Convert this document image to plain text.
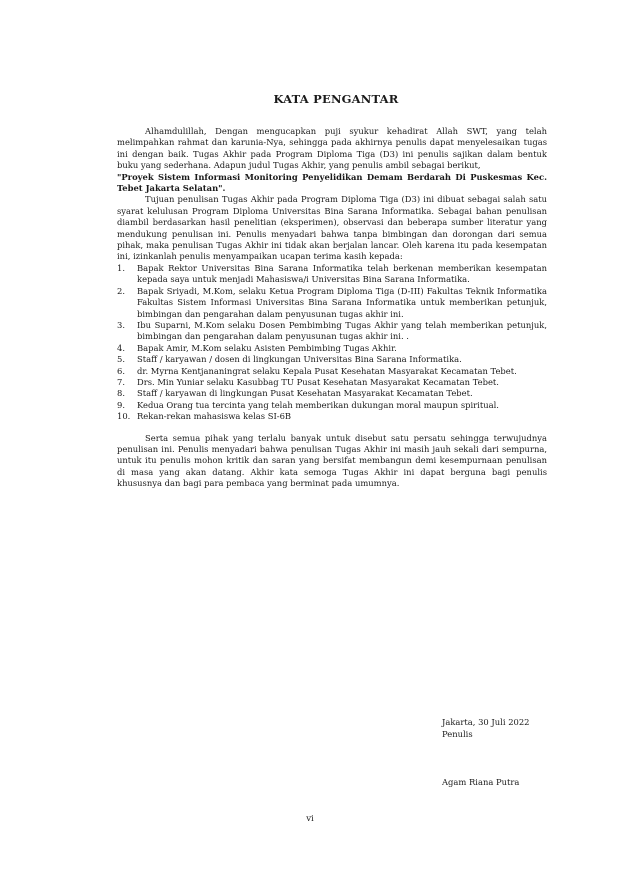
KATA PENGANTAR

Alhamdulillah, Dengan mengucapkan puji syukur kehadirat Allah SWT, yang telah melimpahkan rahmat dan karunia-Nya, sehingga pada akhirnya penulis dapat menyelesaikan tugas ini dengan baik. Tugas Akhir pada Program Diploma Tiga (D3) ini penulis sajikan dalam bentuk buku yang sederhana. Adapun judul Tugas Akhir, yang penulis ambil sebagai berikut,

"Proyek Sistem Informasi Monitoring Penyelidikan Demam Berdarah Di Puskesmas Kec. Tebet Jakarta Selatan".

Tujuan penulisan Tugas Akhir pada Program Diploma Tiga (D3) ini dibuat sebagai salah satu syarat kelulusan Program Diploma Universitas Bina Sarana Informatika. Sebagai bahan penulisan diambil berdasarkan hasil penelitian (eksperimen), observasi dan beberapa sumber literatur yang mendukung penulisan ini. Penulis menyadari bahwa tanpa bimbingan dan dorongan dari semua pihak, maka penulisan Tugas Akhir ini tidak akan berjalan lancar. Oleh karena itu pada kesempatan ini, izinkanlah penulis menyampaikan ucapan terima kasih kepada:

1. Bapak Rektor Universitas Bina Sarana Informatika telah berkenan memberikan kesempatan kepada saya untuk menjadi Mahasiswa/i Universitas Bina Sarana Informatika.
2. Bapak Sriyadi, M.Kom, selaku Ketua Program Diploma Tiga (D-III) Fakultas Teknik Informatika Fakultas Sistem Informasi Universitas Bina Sarana Informatika untuk memberikan petunjuk, bimbingan dan pengarahan dalam penyusunan tugas akhir ini.
3. Ibu Suparni, M.Kom selaku Dosen Pembimbing Tugas Akhir yang telah memberikan petunjuk, bimbingan dan pengarahan dalam penyusunan tugas akhir ini. .
4. Bapak Amir, M.Kom selaku Asisten Pembimbing Tugas Akhir.
5. Staff / karyawan / dosen di lingkungan Universitas Bina Sarana Informatika.
6. dr. Myrna Kentjananingrat selaku Kepala Pusat Kesehatan Masyarakat Kecamatan Tebet.
7. Drs. Min Yuniar selaku Kasubbag TU Pusat Kesehatan Masyarakat Kecamatan Tebet.
8. Staff / karyawan di lingkungan Pusat Kesehatan Masyarakat Kecamatan Tebet.
9. Kedua Orang tua tercinta yang telah memberikan dukungan moral maupun spiritual.
10. Rekan-rekan mahasiswa kelas SI-6B

Serta semua pihak yang terlalu banyak untuk disebut satu persatu sehingga terwujudnya penulisan ini. Penulis menyadari bahwa penulisan Tugas Akhir ini masih jauh sekali dari sempurna, untuk itu penulis mohon kritik dan saran yang bersifat membangun demi kesempurnaan penulisan di masa yang akan datang. Akhir kata semoga Tugas Akhir ini dapat berguna bagi penulis khususnya dan bagi para pembaca yang berminat pada umumnya.

Jakarta, 30 Juli 2022
Penulis
Agam Riana Putra
vi
